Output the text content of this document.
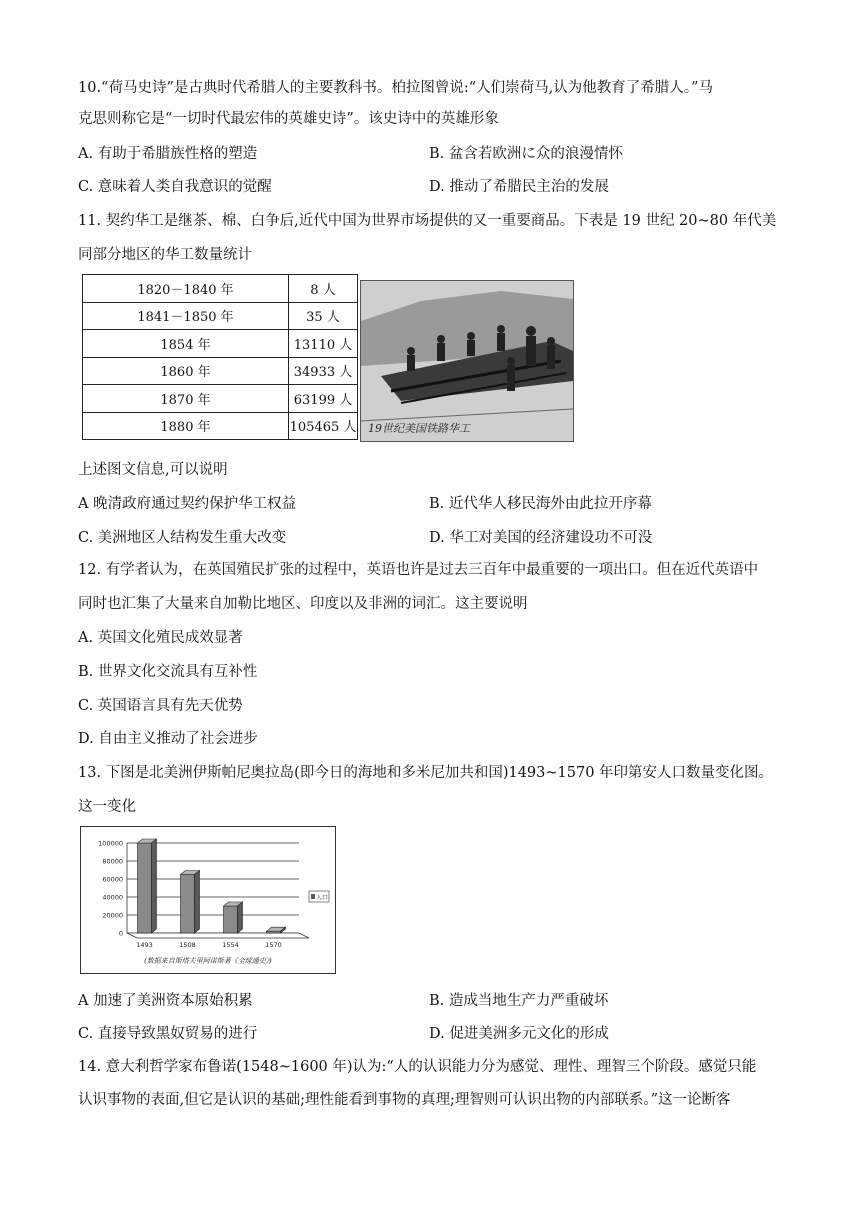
10.“荷马史诗”是古典时代希腊人的主要教科书。柏拉图曾说:“人们崇荷马,认为他教育了希腊人。”马
克思则称它是“一切时代最宏伟的英雄史诗”。该史诗中的英雄形象
A. 有助于希腊族性格的塑造	B. 盆含若欧洲に众的浪漫情怀
C. 意味着人类自我意识的觉醒	D. 推动了希腊民主治的发展
11. 契约华工是继茶、棉、白争后,近代中国为世界市场提供的又一重要商品。下表是 19 世纪 20~80 年代美
同部分地区的华工数量统计
1820－1840 年	8 人
1841－1850 年	35 人
1854 年	13110 人
1860 年	34933 人
1870 年	63199 人
1880 年	105465 人 19世纪美国铁路华工
上述图文信息,可以说明
A 晚清政府通过契约保护华工权益	B. 近代华人移民海外由此拉开序幕
C. 美洲地区人结构发生重大改变	D. 华工对美国的经济建设功不可没
12. 有学者认为，在英国殖民扩张的过程中，英语也许是过去三百年中最重要的一项出口。但在近代英语中
同时也汇集了大量来自加勒比地区、印度以及非洲的词汇。这主要说明
A. 英国文化殖民成效显著
B. 世界文化交流具有互补性
C. 英国语言具有先天优势
D. 自由主义推动了社会进步
13. 下图是北美洲伊斯帕尼奥拉岛(即今日的海地和多米尼加共和国)1493~1570 年印第安人口数量变化图。
这一变化
0
20000
40000
60000
80000
100000
1493	1508	1554	1570
人口
(数据来自斯塔夫里阿诺斯著《全球通史》)
A 加速了美洲资本原始积累	B. 造成当地生产力严重破坏
C. 直接导致黑奴贸易的进行	D. 促进美洲多元文化的形成
14. 意大利哲学家布鲁诺(1548~1600 年)认为:“人的认识能力分为感觉、理性、理智三个阶段。感觉只能
认识事物的表面,但它是认识的基础;理性能看到事物的真理;理智则可认识出物的内部联系。”这一论断客
